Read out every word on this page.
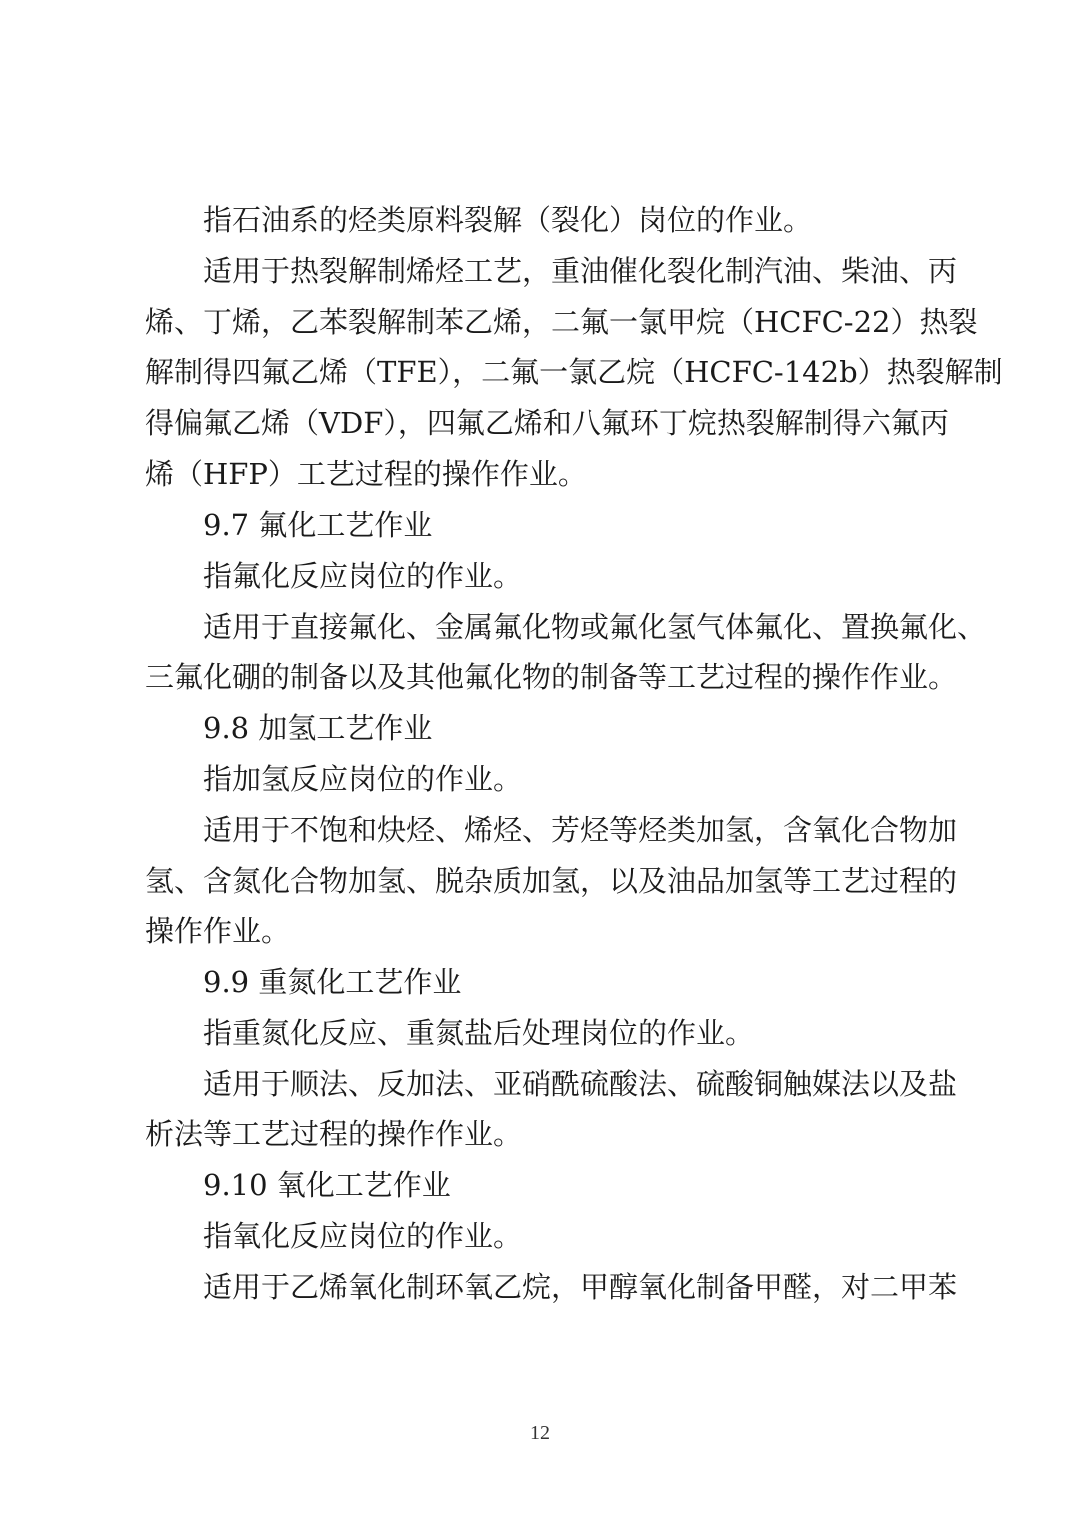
指石油系的烃类原料裂解（裂化）岗位的作业。
适用于热裂解制烯烃工艺，重油催化裂化制汽油、柴油、丙
烯、丁烯，乙苯裂解制苯乙烯，二氟一氯甲烷（HCFC-22）热裂
解制得四氟乙烯（TFE），二氟一氯乙烷（HCFC-142b）热裂解制
得偏氟乙烯（VDF），四氟乙烯和八氟环丁烷热裂解制得六氟丙
烯（HFP）工艺过程的操作作业。
9.7 氟化工艺作业
指氟化反应岗位的作业。
适用于直接氟化、金属氟化物或氟化氢气体氟化、置换氟化、
三氟化硼的制备以及其他氟化物的制备等工艺过程的操作作业。
9.8 加氢工艺作业
指加氢反应岗位的作业。
适用于不饱和炔烃、烯烃、芳烃等烃类加氢，含氧化合物加
氢、含氮化合物加氢、脱杂质加氢，以及油品加氢等工艺过程的
操作作业。
9.9 重氮化工艺作业
指重氮化反应、重氮盐后处理岗位的作业。
适用于顺法、反加法、亚硝酰硫酸法、硫酸铜触媒法以及盐
析法等工艺过程的操作作业。
9.10 氧化工艺作业
指氧化反应岗位的作业。
适用于乙烯氧化制环氧乙烷，甲醇氧化制备甲醛，对二甲苯
12
